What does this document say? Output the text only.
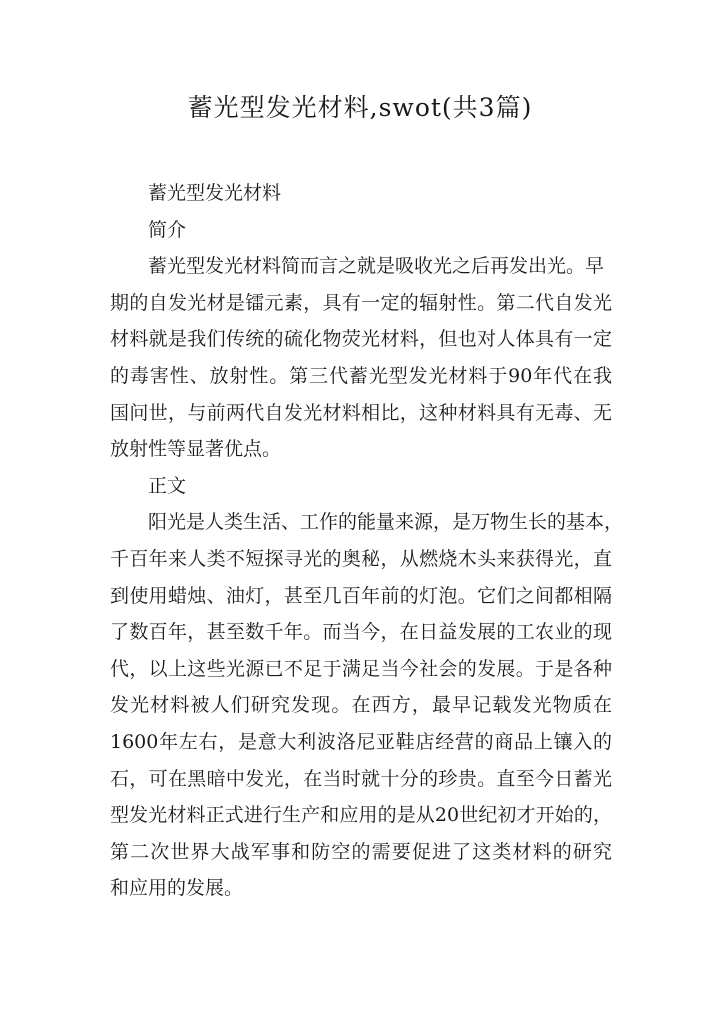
蓄光型发光材料,swot(共3篇)
蓄光型发光材料
简介
蓄光型发光材料简而言之就是吸收光之后再发出光。早
期的自发光材是镭元素，具有一定的辐射性。第二代自发光
材料就是我们传统的硫化物荧光材料，但也对人体具有一定
的毒害性、放射性。第三代蓄光型发光材料于90年代在我
国问世，与前两代自发光材料相比，这种材料具有无毒、无
放射性等显著优点。
正文
阳光是人类生活、工作的能量来源，是万物生长的基本，
千百年来人类不短探寻光的奥秘，从燃烧木头来获得光，直
到使用蜡烛、油灯，甚至几百年前的灯泡。它们之间都相隔
了数百年，甚至数千年。而当今，在日益发展的工农业的现
代，以上这些光源已不足于满足当今社会的发展。于是各种
发光材料被人们研究发现。在西方，最早记载发光物质在
1600年左右，是意大利波洛尼亚鞋店经营的商品上镶入的
石，可在黑暗中发光，在当时就十分的珍贵。直至今日蓄光
型发光材料正式进行生产和应用的是从20世纪初才开始的，
第二次世界大战军事和防空的需要促进了这类材料的研究
和应用的发展。
